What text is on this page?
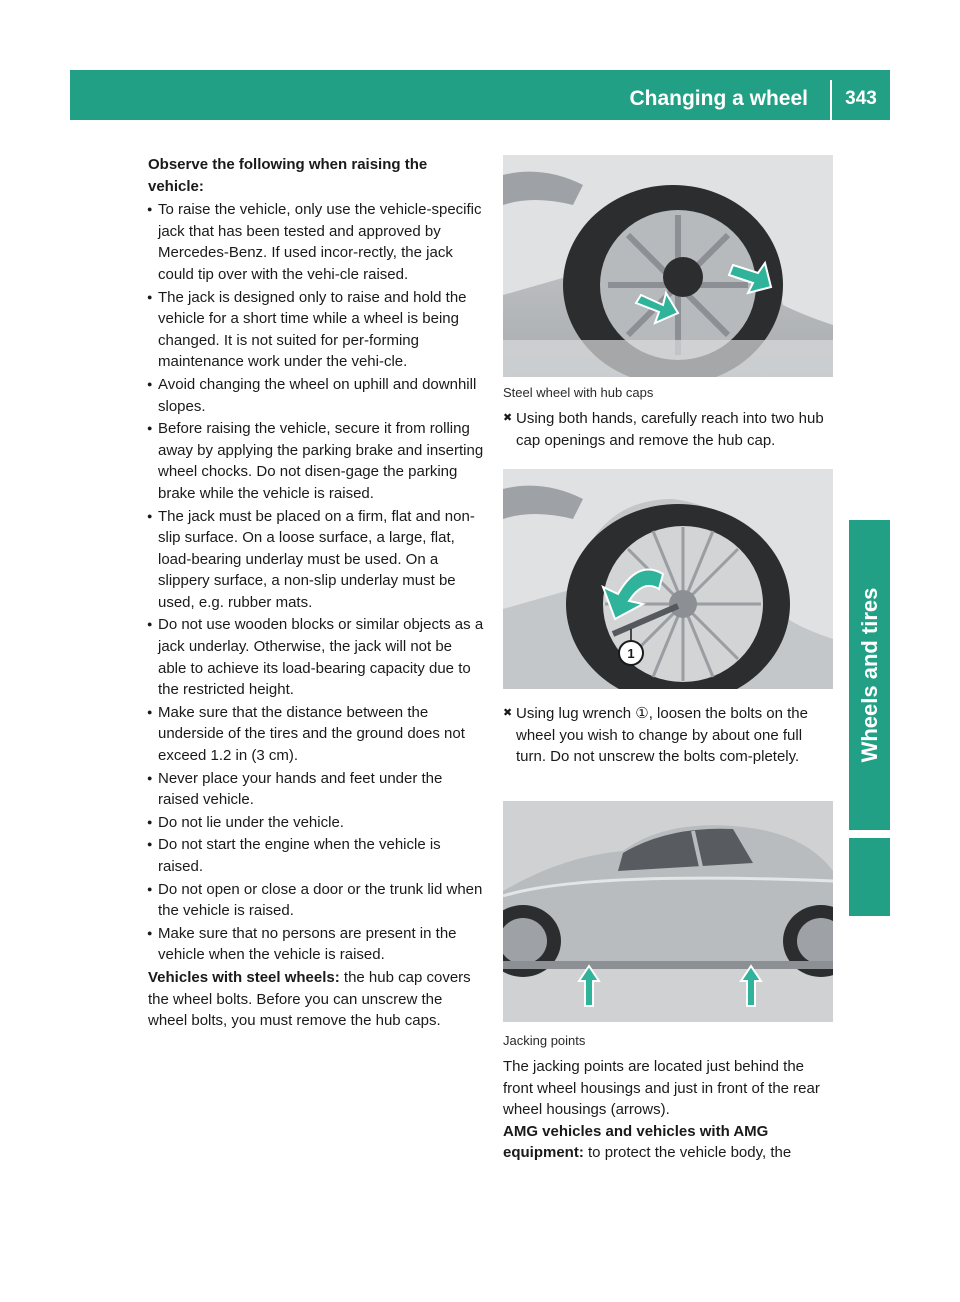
Changing a wheel	343
Wheels and tires
Observe the following when raising the vehicle:
● To raise the vehicle, only use the vehicle-specific jack that has been tested and approved by Mercedes-Benz. If used incor-rectly, the jack could tip over with the vehi-cle raised.
● The jack is designed only to raise and hold the vehicle for a short time while a wheel is being changed. It is not suited for per-forming maintenance work under the vehi-cle.
● Avoid changing the wheel on uphill and downhill slopes.
● Before raising the vehicle, secure it from rolling away by applying the parking brake and inserting wheel chocks. Do not disen-gage the parking brake while the vehicle is raised.
● The jack must be placed on a firm, flat and non-slip surface. On a loose surface, a large, flat, load-bearing underlay must be used. On a slippery surface, a non-slip underlay must be used, e.g. rubber mats.
● Do not use wooden blocks or similar objects as a jack underlay. Otherwise, the jack will not be able to achieve its load-bearing capacity due to the restricted height.
● Make sure that the distance between the underside of the tires and the ground does not exceed 1.2 in (3 cm).
● Never place your hands and feet under the raised vehicle.
● Do not lie under the vehicle.
● Do not start the engine when the vehicle is raised.
● Do not open or close a door or the trunk lid when the vehicle is raised.
● Make sure that no persons are present in the vehicle when the vehicle is raised.

Vehicles with steel wheels: the hub cap covers the wheel bolts. Before you can unscrew the wheel bolts, you must remove the hub caps.

Steel wheel with hub caps
✖ Using both hands, carefully reach into two hub cap openings and remove the hub cap.
1
✖ Using lug wrench ①, loosen the bolts on the wheel you wish to change by about one full turn. Do not unscrew the bolts com-pletely.
Jacking points
The jacking points are located just behind the front wheel housings and just in front of the rear wheel housings (arrows).
AMG vehicles and vehicles with AMG equipment: to protect the vehicle body, the
